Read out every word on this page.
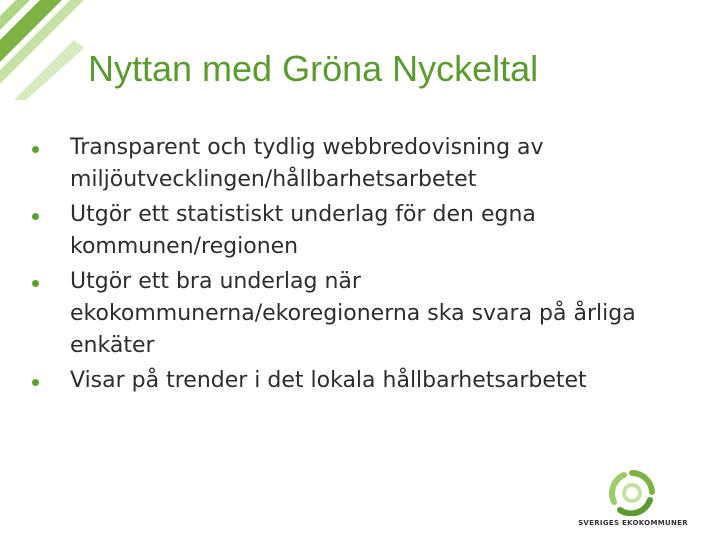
Nyttan med Gröna Nyckeltal
Transparent och tydlig webbredovisning av miljöutvecklingen/hållbarhetsarbetet
Utgör ett statistiskt underlag för den egna kommunen/regionen
Utgör ett bra underlag när ekokommunerna/ekoregionerna ska svara på årliga enkäter
Visar på trender i det lokala hållbarhetsarbetet
SVERIGES EKOKOMMUNER
